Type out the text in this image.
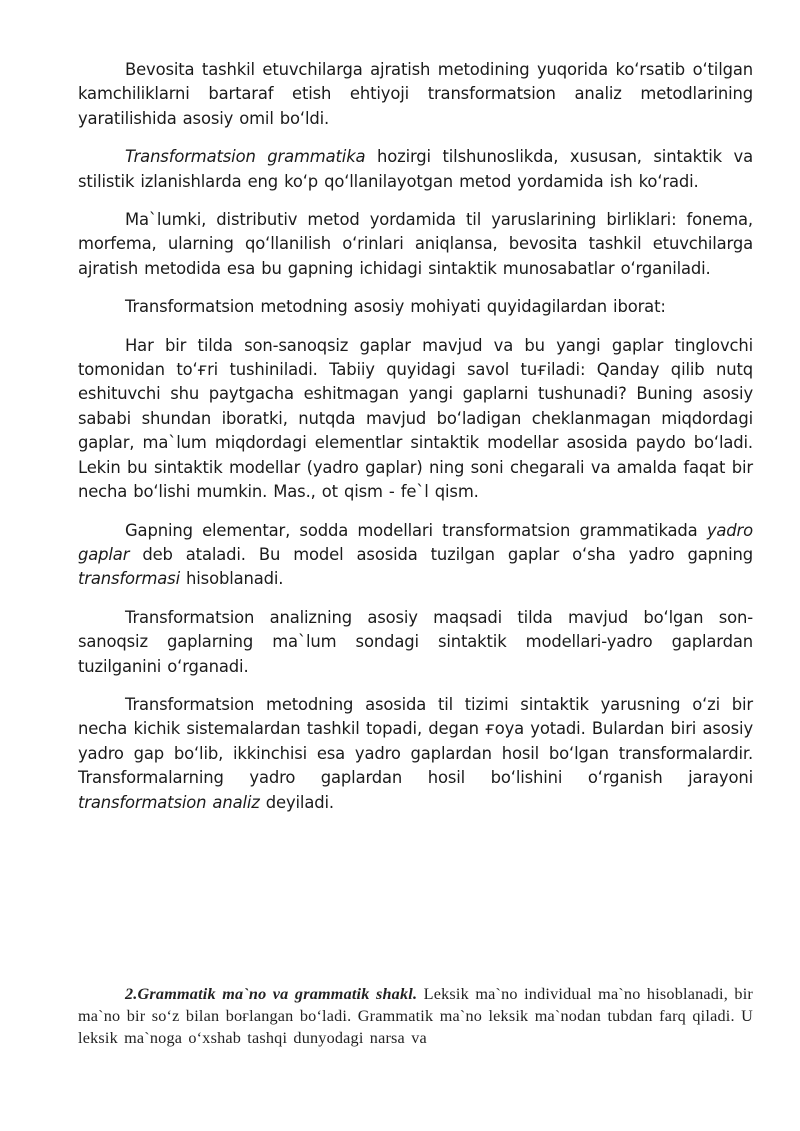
Bevosita tashkil etuvchilarga ajratish metodining yuqorida koʻrsatib oʻtilgan kamchiliklarni bartaraf etish ehtiyoji transformatsion analiz metodlarining yaratilishida asosiy omil boʻldi.

Transformatsion grammatika hozirgi tilshunoslikda, xususan, sintaktik va stilistik izlanishlarda eng koʻp qoʻllanilayotgan metod yordamida ish koʻradi.

Ma`lumki, distributiv metod yordamida til yaruslarining birliklari: fonema, morfema, ularning qoʻllanilish oʻrinlari aniqlansa, bevosita tashkil etuvchilarga ajratish metodida esa bu gapning ichidagi sintaktik munosabatlar oʻrganiladi.

Transformatsion metodning asosiy mohiyati quyidagilardan iborat:

Har bir tilda son-sanoqsiz gaplar mavjud va bu yangi gaplar tinglovchi tomonidan toʻғri tushiniladi. Tabiiy quyidagi savol tuғiladi: Qanday qilib nutq eshituvchi shu paytgacha eshitmagan yangi gaplarni tushunadi? Buning asosiy sababi shundan iboratki, nutqda mavjud boʻladigan cheklanmagan miqdordagi gaplar, ma`lum miqdordagi elementlar sintaktik modellar asosida paydo boʻladi. Lekin bu sintaktik modellar (yadro gaplar) ning soni chegarali va amalda faqat bir necha boʻlishi mumkin. Mas., ot qism - fe`l qism.

Gapning elementar, sodda modellari transformatsion grammatikada yadro gaplar deb ataladi. Bu model asosida tuzilgan gaplar oʻsha yadro gapning transformasi hisoblanadi.

Transformatsion analizning asosiy maqsadi tilda mavjud boʻlgan son-sanoqsiz gaplarning ma`lum sondagi sintaktik modellari-yadro gaplardan tuzilganini oʻrganadi.

Transformatsion metodning asosida til tizimi sintaktik yarusning oʻzi bir necha kichik sistemalardan tashkil topadi, degan ғoya yotadi. Bulardan biri asosiy yadro gap boʻlib, ikkinchisi esa yadro gaplardan hosil boʻlgan transformalardir. Transformalarning yadro gaplardan hosil boʻlishini oʻrganish jarayoni transformatsion analiz deyiladi.

2.Grammatik ma`no va grammatik shakl. Leksik ma`no individual ma`no hisoblanadi, bir ma`no bir soʻz bilan boғlangan boʻladi. Grammatik ma`no leksik ma`nodan tubdan farq qiladi. U leksik ma`noga oʻxshab tashqi dunyodagi narsa va
